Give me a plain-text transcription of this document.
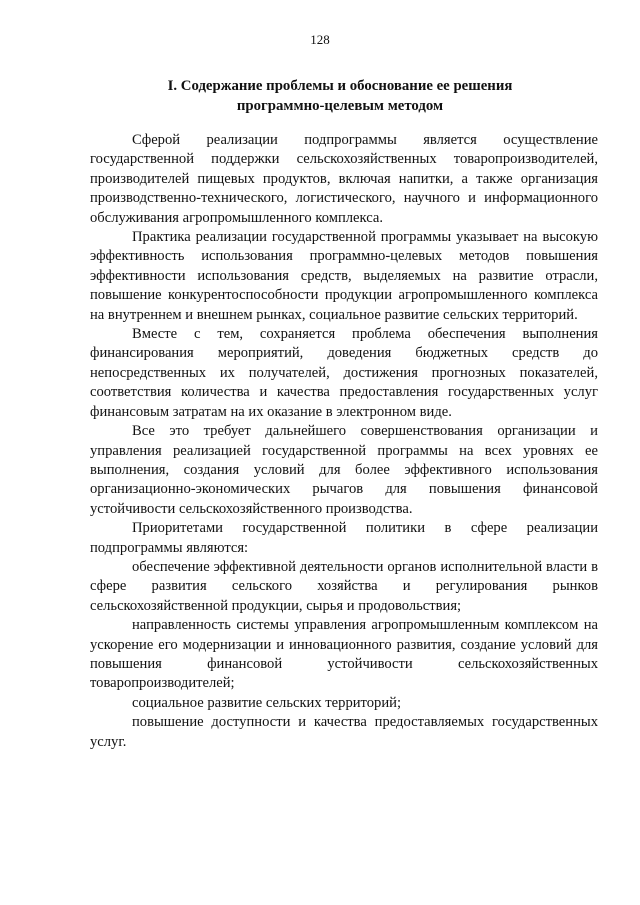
128
I. Содержание проблемы и обоснование ее решения
программно-целевым методом

Сферой реализации подпрограммы является осуществление государственной поддержки сельскохозяйственных товаропроизводителей, производителей пищевых продуктов, включая напитки, а также организация производственно-технического, логистического, научного и информационного обслуживания агропромышленного комплекса.

Практика реализации государственной программы указывает на высокую эффективность использования программно-целевых методов повышения эффективности использования средств, выделяемых на развитие отрасли, повышение конкурентоспособности продукции агропромышленного комплекса на внутреннем и внешнем рынках, социальное развитие сельских территорий.

Вместе с тем, сохраняется проблема обеспечения выполнения финансирования мероприятий, доведения бюджетных средств до непосредственных их получателей, достижения прогнозных показателей, соответствия количества и качества предоставления государственных услуг финансовым затратам на их оказание в электронном виде.

Все это требует дальнейшего совершенствования организации и управления реализацией государственной программы на всех уровнях ее выполнения, создания условий для более эффективного использования организационно-экономических рычагов для повышения финансовой устойчивости сельскохозяйственного производства.

Приоритетами государственной политики в сфере реализации подпрограммы являются:

обеспечение эффективной деятельности органов исполнительной власти в сфере развития сельского хозяйства и регулирования рынков сельскохозяйственной продукции, сырья и продовольствия;

направленность системы управления агропромышленным комплексом на ускорение его модернизации и инновационного развития, создание условий для повышения финансовой устойчивости сельскохозяйственных товаропроизводителей;

социальное развитие сельских территорий;

повышение доступности и качества предоставляемых государственных услуг.
